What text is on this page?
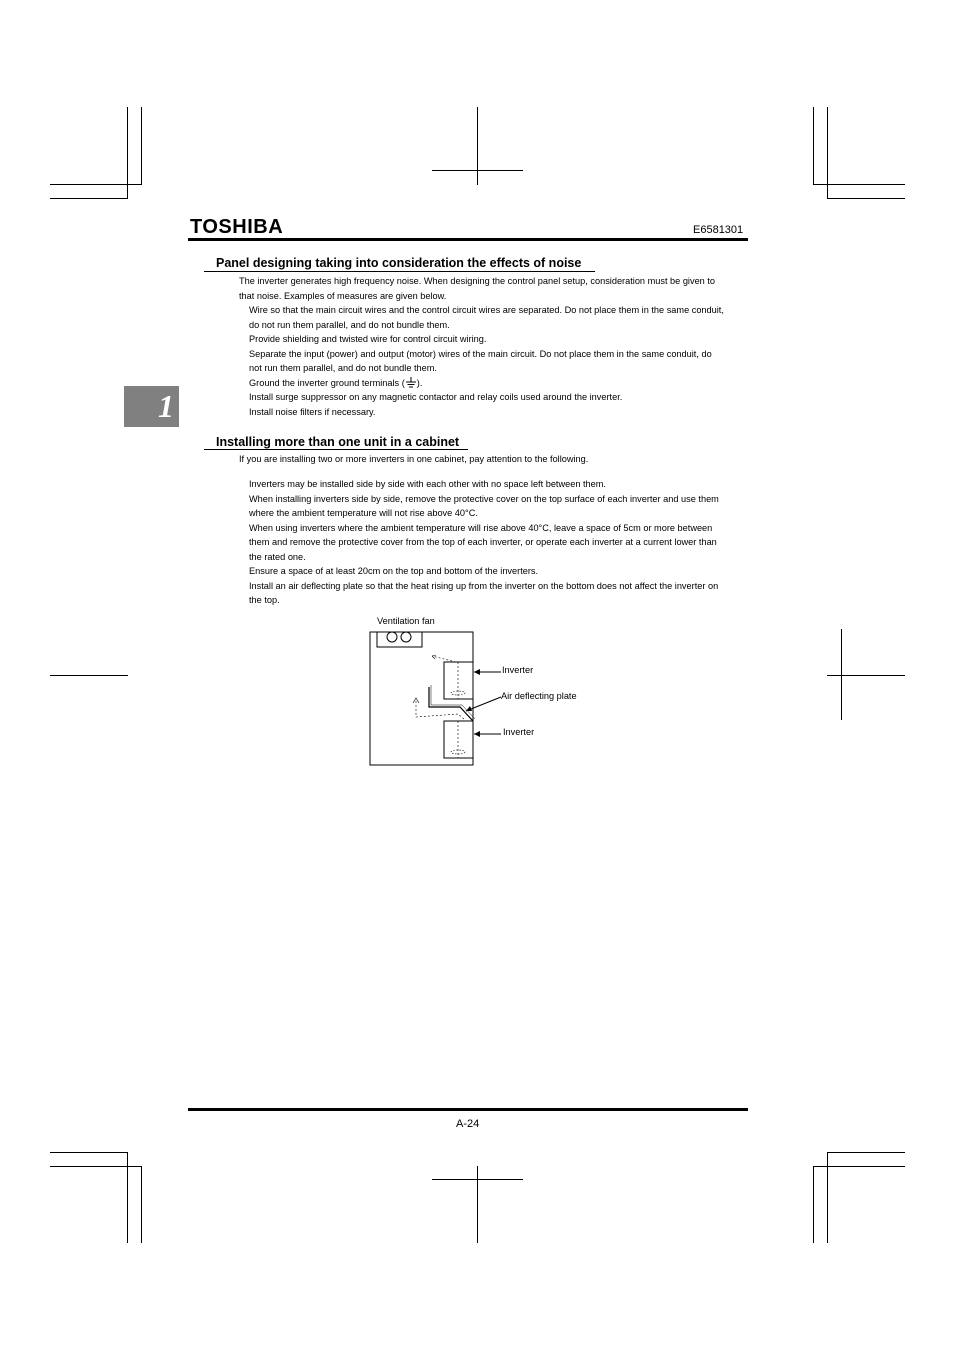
TOSHIBA	E6581301
1
Panel designing taking into consideration the effects of noise
The inverter generates high frequency noise. When designing the control panel setup, consideration must be given to
that noise. Examples of measures are given below.
Wire so that the main circuit wires and the control circuit wires are separated. Do not place them in the same conduit,
do not run them parallel, and do not bundle them.
Provide shielding and twisted wire for control circuit wiring.
Separate the input (power) and output (motor) wires of the main circuit. Do not place them in the same conduit, do
not run them parallel, and do not bundle them.
Ground the inverter ground terminals ( ).
Install surge suppressor on any magnetic contactor and relay coils used around the inverter.
Install noise filters if necessary.
Installing more than one unit in a cabinet
If you are installing two or more inverters in one cabinet, pay attention to the following.
Inverters may be installed side by side with each other with no space left between them.
When installing inverters side by side, remove the protective cover on the top surface of each inverter and use them
where the ambient temperature will not rise above 40°C.
When using inverters where the ambient temperature will rise above 40°C, leave a space of 5cm or more between
them and remove the protective cover from the top of each inverter, or operate each inverter at a current lower than
the rated one.
Ensure a space of at least 20cm on the top and bottom of the inverters.
Install an air deflecting plate so that the heat rising up from the inverter on the bottom does not affect the inverter on
the top.
Ventilation fan
Inverter
Air deflecting plate
Inverter
A-24
